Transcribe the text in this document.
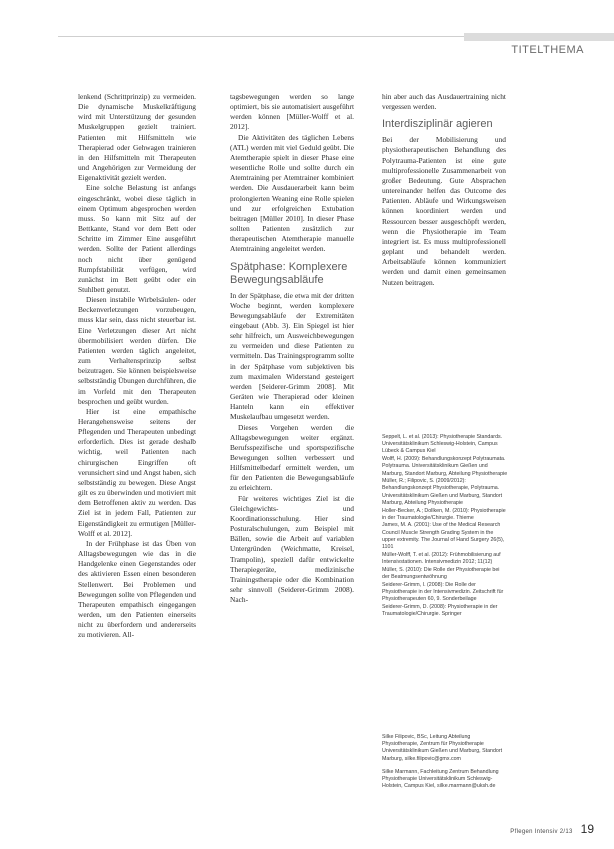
TITELTHEMA

lenkend (Schrittprinzip) zu vermeiden. Die dynamische Muskelkräftigung wird mit Unterstützung der gesunden Muskelgruppen gezielt trainiert. Patienten mit Hilfsmitteln wie Therapierad oder Gehwagen trainieren in den Hilfsmitteln mit Therapeuten und Angehörigen zur Vermeidung der Eigenaktivität gezielt werden.

Eine solche Belastung ist anfangs eingeschränkt, wobei diese täglich in einem Optimum abgesprochen werden muss. So kann mit Sitz auf der Bettkante, Stand vor dem Bett oder Schritte im Zimmer Eine ausgeführt werden. Sollte der Patient allerdings noch nicht über genügend Rumpfstabilität verfügen, wird zunächst im Bett geübt oder ein Stuhlbett genutzt.

Diesen instabile Wirbelsäulen- oder Beckenverletzungen vorzubeugen, muss klar sein, dass nicht steuerbar ist. Eine Verletzungen dieser Art nicht übermobilisiert werden dürfen. Die Patienten werden täglich angeleitet, zum Verhaltensprinzip selbst beizutragen. Sie können beispielsweise selbstständig Übungen durchführen, die im Vorfeld mit den Therapeuten besprochen und geübt wurden.

Hier ist eine empathische Herangehensweise seitens der Pflegenden und Therapeuten unbedingt erforderlich. Dies ist gerade deshalb wichtig, weil Patienten nach chirurgischen Eingriffen oft verunsichert sind und Angst haben, sich selbstständig zu bewegen. Diese Angst gilt es zu überwinden und motiviert mit dem Betroffenen aktiv zu werden. Das Ziel ist in jedem Fall, Patienten zur Eigenständigkeit zu ermutigen [Müller-Wolff et al. 2012].

In der Frühphase ist das Üben von Alltagsbewegungen wie das in die Handgelenke einen Gegenstandes oder des aktivieren Essen einen besonderen Stellenwert. Bei Problemen und Bewegungen sollte von Pflegenden und Therapeuten empathisch eingegangen werden, um den Patienten einerseits nicht zu überfordern und andererseits zu motivieren. All-

tagsbewegungen werden so lange optimiert, bis sie automatisiert ausgeführt werden können [Müller-Wolff et al. 2012].

Die Aktivitäten des täglichen Lebens (ATL) werden mit viel Geduld geübt. Die Atemtherapie spielt in dieser Phase eine wesentliche Rolle und sollte durch ein Atemtraining per Atemtrainer kombiniert werden. Die Ausdauerarbeit kann beim prolongierten Weaning eine Rolle spielen und zur erfolgreichen Extubation beitragen [Müller 2010]. In dieser Phase sollten Patienten zusätzlich zur therapeutischen Atemtherapie manuelle Atemtraining angeleitet werden.

Spätphase: Komplexere Bewegungsabläufe

In der Spätphase, die etwa mit der dritten Woche beginnt, werden komplexere Bewegungsabläufe der Extremitäten eingebaut (Abb. 3). Ein Spiegel ist hier sehr hilfreich, um Ausweichbewegungen zu vermeiden und diese Patienten zu vermitteln. Das Trainingsprogramm sollte in der Spätphase vom subjektiven bis zum maximalen Widerstand gesteigert werden [Seiderer-Grimm 2008]. Mit Geräten wie Therapierad oder kleinen Hanteln kann ein effektiver Muskelaufbau umgesetzt werden.

Dieses Vorgehen werden die Alltagsbewegungen weiter ergänzt. Berufsspezifische und sportspezifische Bewegungen sollten verbessert und Hilfsmittelbedarf ermittelt werden, um für den Patienten die Bewegungsabläufe zu erleichtern.

Für weiteres wichtiges Ziel ist die Gleichgewichts- und Koordinationsschulung. Hier sind Posturalschulungen, zum Beispiel mit Bällen, sowie die Arbeit auf variablen Untergründen (Weichmatte, Kreisel, Trampolin), speziell dafür entwickelte Therapiegeräte, medizinische Trainingstherapie oder die Kombination sehr sinnvoll (Seiderer-Grimm 2008). Nach-

hin aber auch das Ausdauertraining nicht vergessen werden.

Interdisziplinär agieren

Bei der Mobilisierung und physiotherapeutischen Behandlung des Polytrauma-Patienten ist eine gute multiprofessionelle Zusammenarbeit von großer Bedeutung. Gute Absprachen untereinander helfen das Outcome des Patienten. Abläufe und Wirkungsweisen können koordiniert werden und Ressourcen besser ausgeschöpft werden, wenn die Physiotherapie im Team integriert ist. Es muss multiprofessionell geplant und behandelt werden. Arbeitsabläufe können kommuniziert werden und damit einen gemeinsamen Nutzen beitragen.

Seppelt, L. et al. (2013): Physiotherapie Standards. Universitätsklinikum Schleswig-Holstein, Campus Lübeck & Campus Kiel
Wolff, H. (2009): Behandlungskonzept Polytraumata. Polytrauma. Universitätsklinikum Gießen und Marburg, Standort Marburg, Abteilung Physiotherapie
Müller, R.; Filipovic, S. (2009/2012): Behandlungskonzept Physiotherapie, Polytrauma. Universitätsklinikum Gießen und Marburg, Standort Marburg, Abteilung Physiotherapie
Holler-Becker, A.; Dollken, M. (2010): Physiotherapie in der Traumatologie/Chirurgie. Thieme
James, M. A. (2001): Use of the Medical Research Council Muscle Strength Grading System in the upper extremity. The Journal of Hand Surgery 26(5), 1101
Müller-Wolff, T. et al. (2012): Frühmobilisierung auf Intensivstationen. Intensivmedizin 2012; 11(12)
Müller, S. (2010): Die Rolle der Physiotherapie bei der Beatmungsentwöhnung
Seiderer-Grimm, I. (2008): Die Rolle der Physiotherapie in der Intensivmedizin. Zeitschrift für Physiotherapeuten 60, 9. Sonderbeilage
Seiderer-Grimm, D. (2008): Physiotherapie in der Traumatologie/Chirurgie. Springer
Silke Filipovic, BSc, Leitung Abteilung Physiotherapie, Zentrum für Physiotherapie Universitätsklinikum Gießen und Marburg, Standort Marburg, silke.filipovic@gmx.com
Silke Marmann, Fachleitung Zentrum Behandlung Physiotherapie Universitätsklinikum Schleswig-Holstein, Campus Kiel, silke.marmann@uksh.de
Pflegen Intensiv 2/13 19
